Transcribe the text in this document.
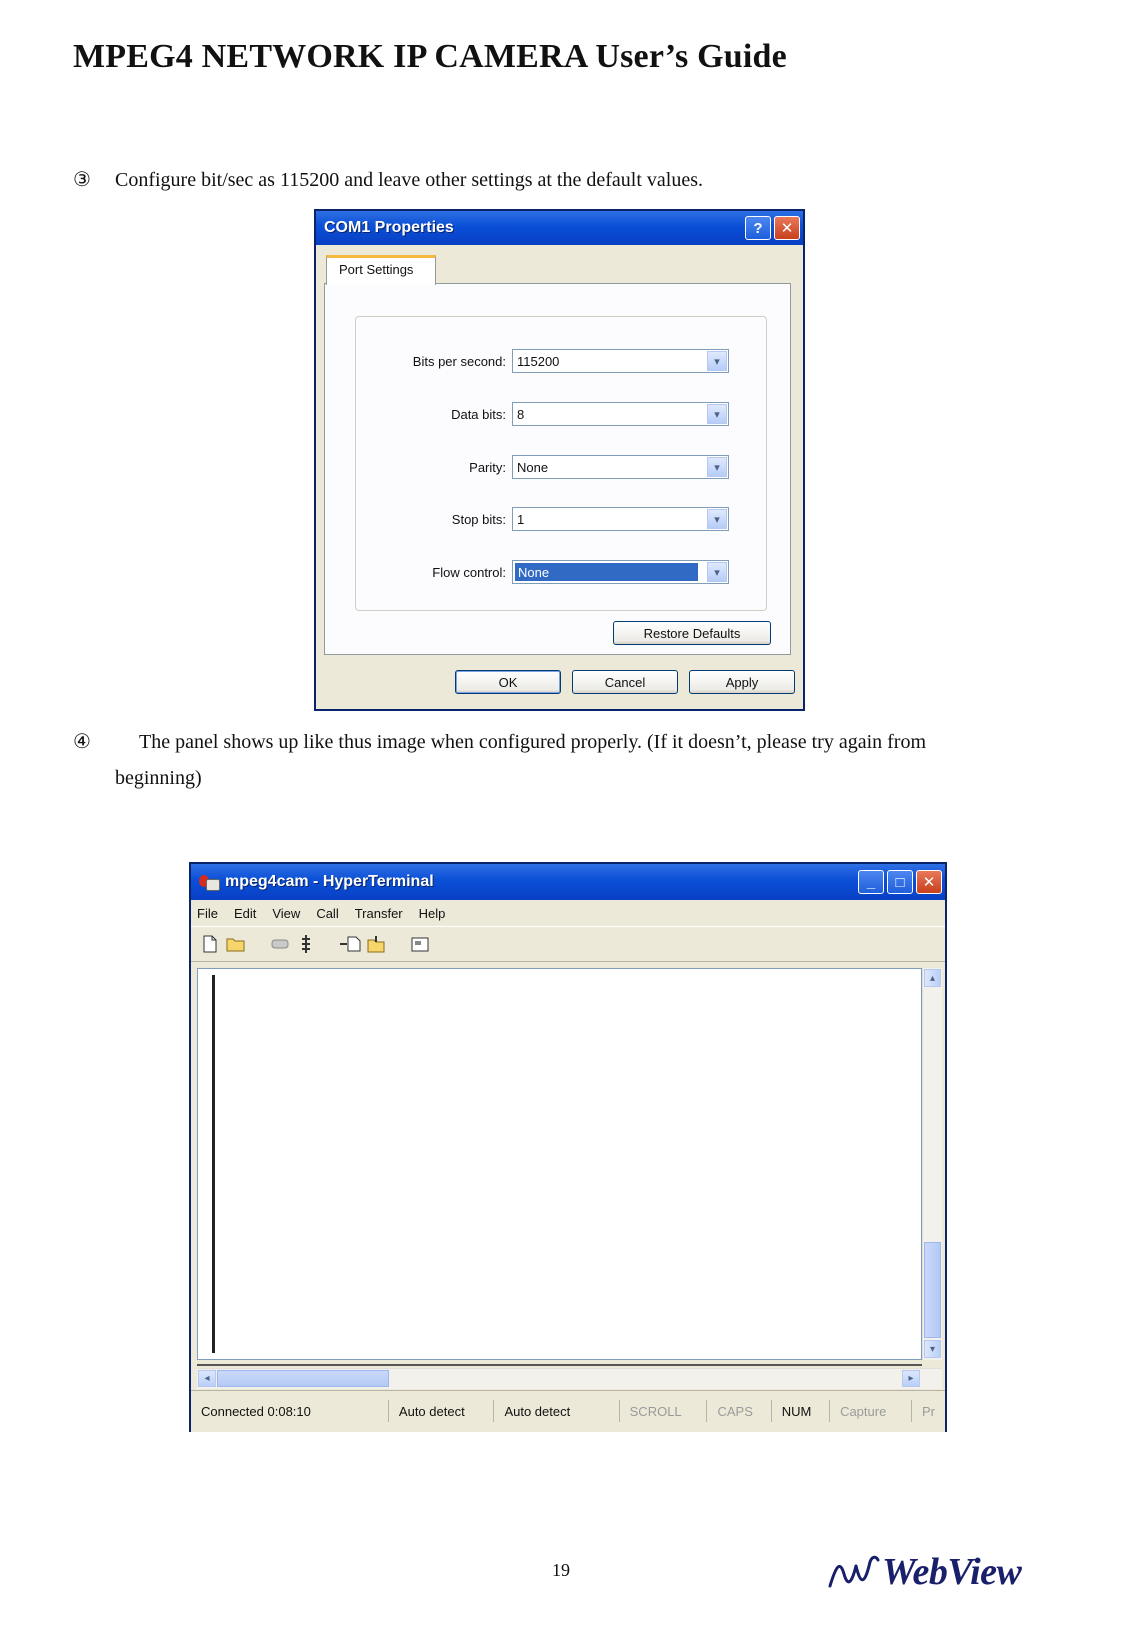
MPEG4 NETWORK IP CAMERA User’s Guide
③ Configure bit/sec as 115200 and leave other settings at the default values.
COM1 Properties	?	✕
Port Settings
Bits per second: 115200	▾
Data bits: 8	▾
Parity: None	▾
Stop bits: 1	▾
Flow control: None	▾
Restore Defaults
OK	Cancel	Apply
④ The panel shows up like thus image when configured properly. (If it doesn’t, please try again from
beginning)
mpeg4cam - HyperTerminal	_	□	✕
File Edit View Call Transfer Help
▴
▾
◂	▸
Connected 0:08:10	Auto detect	Auto detect	SCROLL	CAPS	NUM	Capture	Pr
19	WebView
